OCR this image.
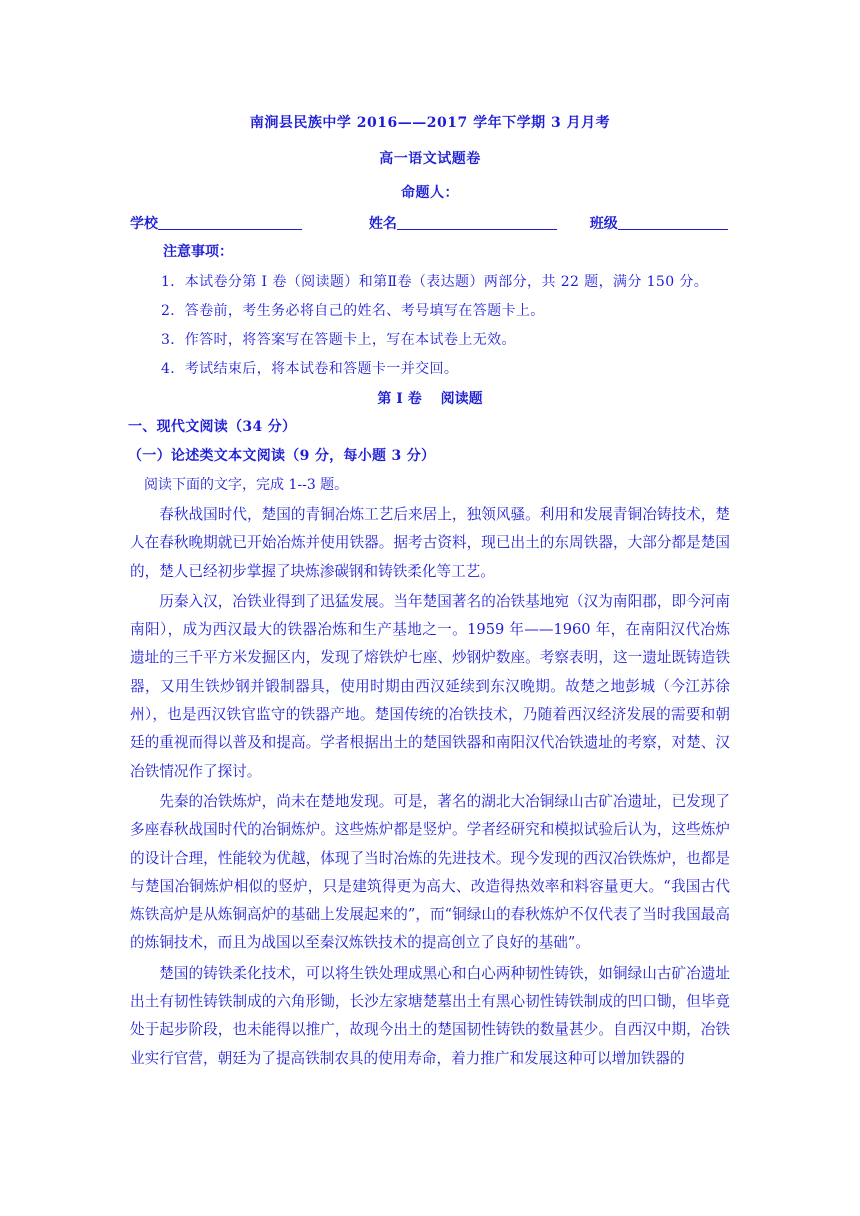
南涧县民族中学 2016——2017 学年下学期 3 月月考
高一语文试题卷
命题人：
学校	姓名	班级
注意事项：
1．本试卷分第 I 卷（阅读题）和第Ⅱ卷（表达题）两部分，共 22 题，满分 150 分。
2．答卷前，考生务必将自己的姓名、考号填写在答题卡上。
3．作答时，将答案写在答题卡上，写在本试卷上无效。
4．考试结束后，将本试卷和答题卡一并交回。
第 I 卷　 阅读题
一、现代文阅读（34 分）
（一）论述类文本文阅读（9 分，每小题 3 分）
阅读下面的文字，完成 1--3 题。

春秋战国时代，楚国的青铜冶炼工艺后来居上，独领风骚。利用和发展青铜冶铸技术，楚人在春秋晚期就已开始冶炼并使用铁器。据考古资料，现已出土的东周铁器，大部分都是楚国的，楚人已经初步掌握了块炼渗碳钢和铸铁柔化等工艺。

历秦入汉，冶铁业得到了迅猛发展。当年楚国著名的冶铁基地宛（汉为南阳郡，即今河南南阳），成为西汉最大的铁器冶炼和生产基地之一。1959 年——1960 年，在南阳汉代冶炼遗址的三千平方米发掘区内，发现了熔铁炉七座、炒钢炉数座。考察表明，这一遗址既铸造铁器，又用生铁炒钢并锻制器具，使用时期由西汉延续到东汉晚期。故楚之地彭城（今江苏徐州），也是西汉铁官监守的铁器产地。楚国传统的冶铁技术，乃随着西汉经济发展的需要和朝廷的重视而得以普及和提高。学者根据出土的楚国铁器和南阳汉代冶铁遗址的考察，对楚、汉冶铁情况作了探讨。

先秦的冶铁炼炉，尚未在楚地发现。可是，著名的湖北大冶铜绿山古矿冶遗址，已发现了多座春秋战国时代的冶铜炼炉。这些炼炉都是竖炉。学者经研究和模拟试验后认为，这些炼炉的设计合理，性能较为优越，体现了当时冶炼的先进技术。现今发现的西汉冶铁炼炉，也都是与楚国冶铜炼炉相似的竖炉，只是建筑得更为高大、改造得热效率和料容量更大。“我国古代炼铁高炉是从炼铜高炉的基础上发展起来的”，而“铜绿山的春秋炼炉不仅代表了当时我国最高的炼铜技术，而且为战国以至秦汉炼铁技术的提高创立了良好的基础”。

楚国的铸铁柔化技术，可以将生铁处理成黑心和白心两种韧性铸铁，如铜绿山古矿冶遗址出土有韧性铸铁制成的六角形锄，长沙左家塘楚墓出土有黑心韧性铸铁制成的凹口锄，但毕竟处于起步阶段，也未能得以推广，故现今出土的楚国韧性铸铁的数量甚少。自西汉中期，冶铁业实行官营，朝廷为了提高铁制农具的使用寿命，着力推广和发展这种可以增加铁器的
